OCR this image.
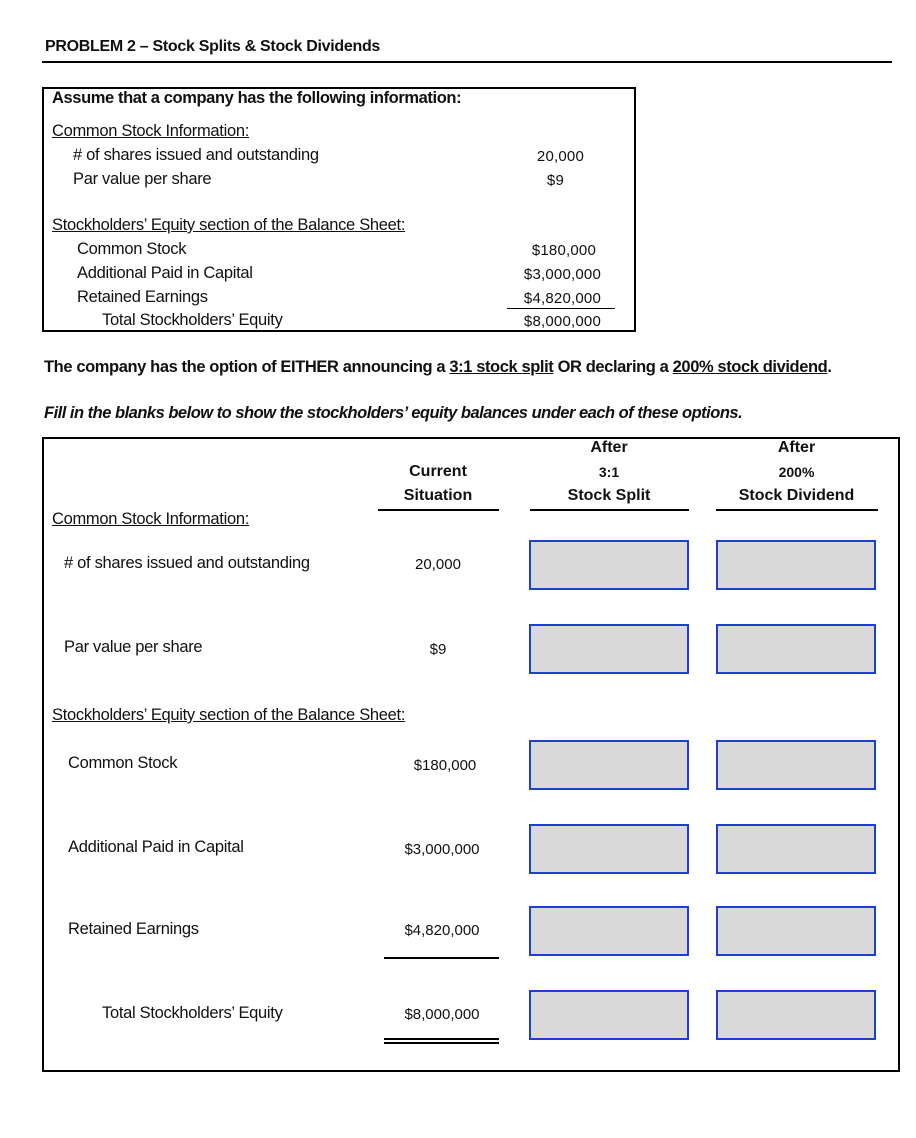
PROBLEM 2 – Stock Splits & Stock Dividends
Assume that a company has the following information:
Common Stock Information:
# of shares issued and outstanding	20,000
Par value per share	$9
Stockholders’ Equity section of the Balance Sheet:
Common Stock	$180,000
Additional Paid in Capital	$3,000,000
Retained Earnings	$4,820,000
Total Stockholders’ Equity	$8,000,000
The company has the option of EITHER announcing a 3:1 stock split OR declaring a 200% stock dividend.
Fill in the blanks below to show the stockholders’ equity balances under each of these options.
Current
Situation
After
3:1
Stock Split
After
200%
Stock Dividend
Common Stock Information:
# of shares issued and outstanding	20,000
Par value per share	$9
Stockholders’ Equity section of the Balance Sheet:
Common Stock	$180,000
Additional Paid in Capital	$3,000,000
Retained Earnings	$4,820,000
Total Stockholders’ Equity	$8,000,000
